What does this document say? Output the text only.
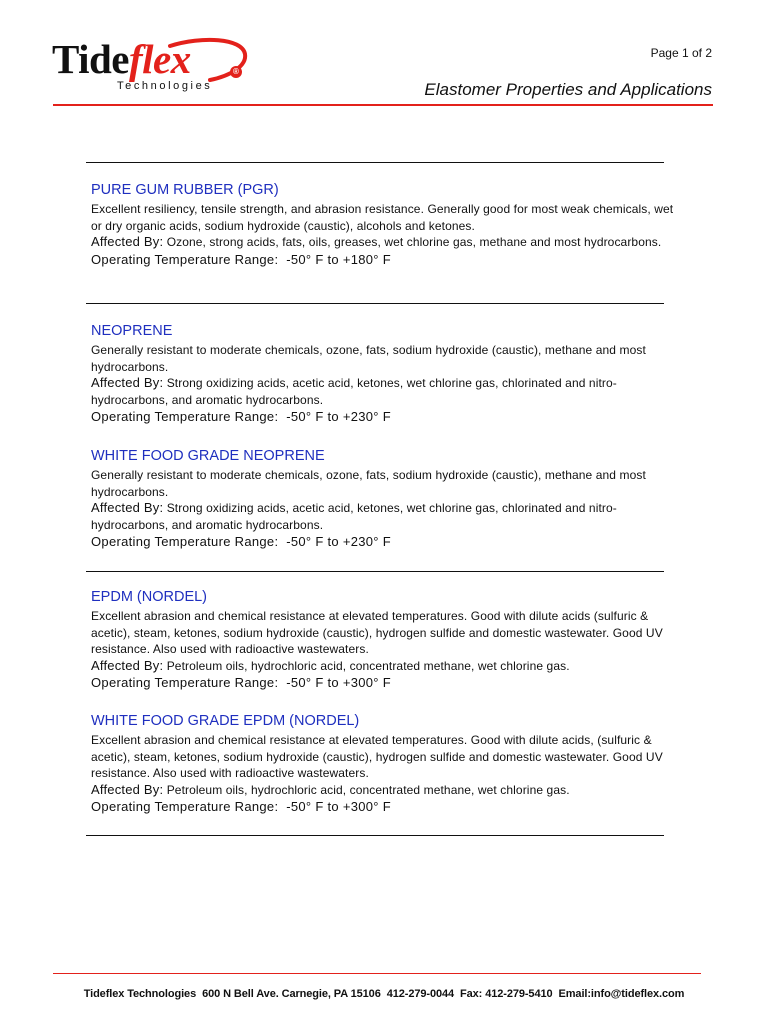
Tideflex	®
Technologies
Page 1 of 2
Elastomer Properties and Applications

PURE GUM RUBBER (PGR)

Excellent resiliency, tensile strength, and abrasion resistance. Generally good for most weak chemicals, wet or dry organic acids, sodium hydroxide (caustic), alcohols and ketones.

Affected By: Ozone, strong acids, fats, oils, greases, wet chlorine gas, methane and most hydrocarbons.

Operating Temperature Range:  -50° F to +180° F

NEOPRENE

Generally resistant to moderate chemicals, ozone, fats, sodium hydroxide (caustic), methane and most hydrocarbons.

Affected By: Strong oxidizing acids, acetic acid, ketones, wet chlorine gas, chlorinated and nitro-hydrocarbons, and aromatic hydrocarbons.

Operating Temperature Range:  -50° F to +230° F

WHITE FOOD GRADE NEOPRENE

Generally resistant to moderate chemicals, ozone, fats, sodium hydroxide (caustic), methane and most hydrocarbons.

Affected By: Strong oxidizing acids, acetic acid, ketones, wet chlorine gas, chlorinated and nitro-hydrocarbons, and aromatic hydrocarbons.

Operating Temperature Range:  -50° F to +230° F

EPDM (NORDEL)

Excellent abrasion and chemical resistance at elevated temperatures. Good with dilute acids (sulfuric & acetic), steam, ketones, sodium hydroxide (caustic), hydrogen sulfide and domestic wastewater. Good UV resistance. Also used with radioactive wastewaters.

Affected By: Petroleum oils, hydrochloric acid, concentrated methane, wet chlorine gas.

Operating Temperature Range:  -50° F to +300° F

WHITE FOOD GRADE EPDM (NORDEL)

Excellent abrasion and chemical resistance at elevated temperatures. Good with dilute acids, (sulfuric & acetic), steam, ketones, sodium hydroxide (caustic), hydrogen sulfide and domestic wastewater. Good UV resistance. Also used with radioactive wastewaters.

Affected By: Petroleum oils, hydrochloric acid, concentrated methane, wet chlorine gas.

Operating Temperature Range:  -50° F to +300° F

Tideflex Technologies 600 N Bell Ave. Carnegie, PA 15106 412-279-0044 Fax: 412-279-5410 Email:info@tideflex.com
